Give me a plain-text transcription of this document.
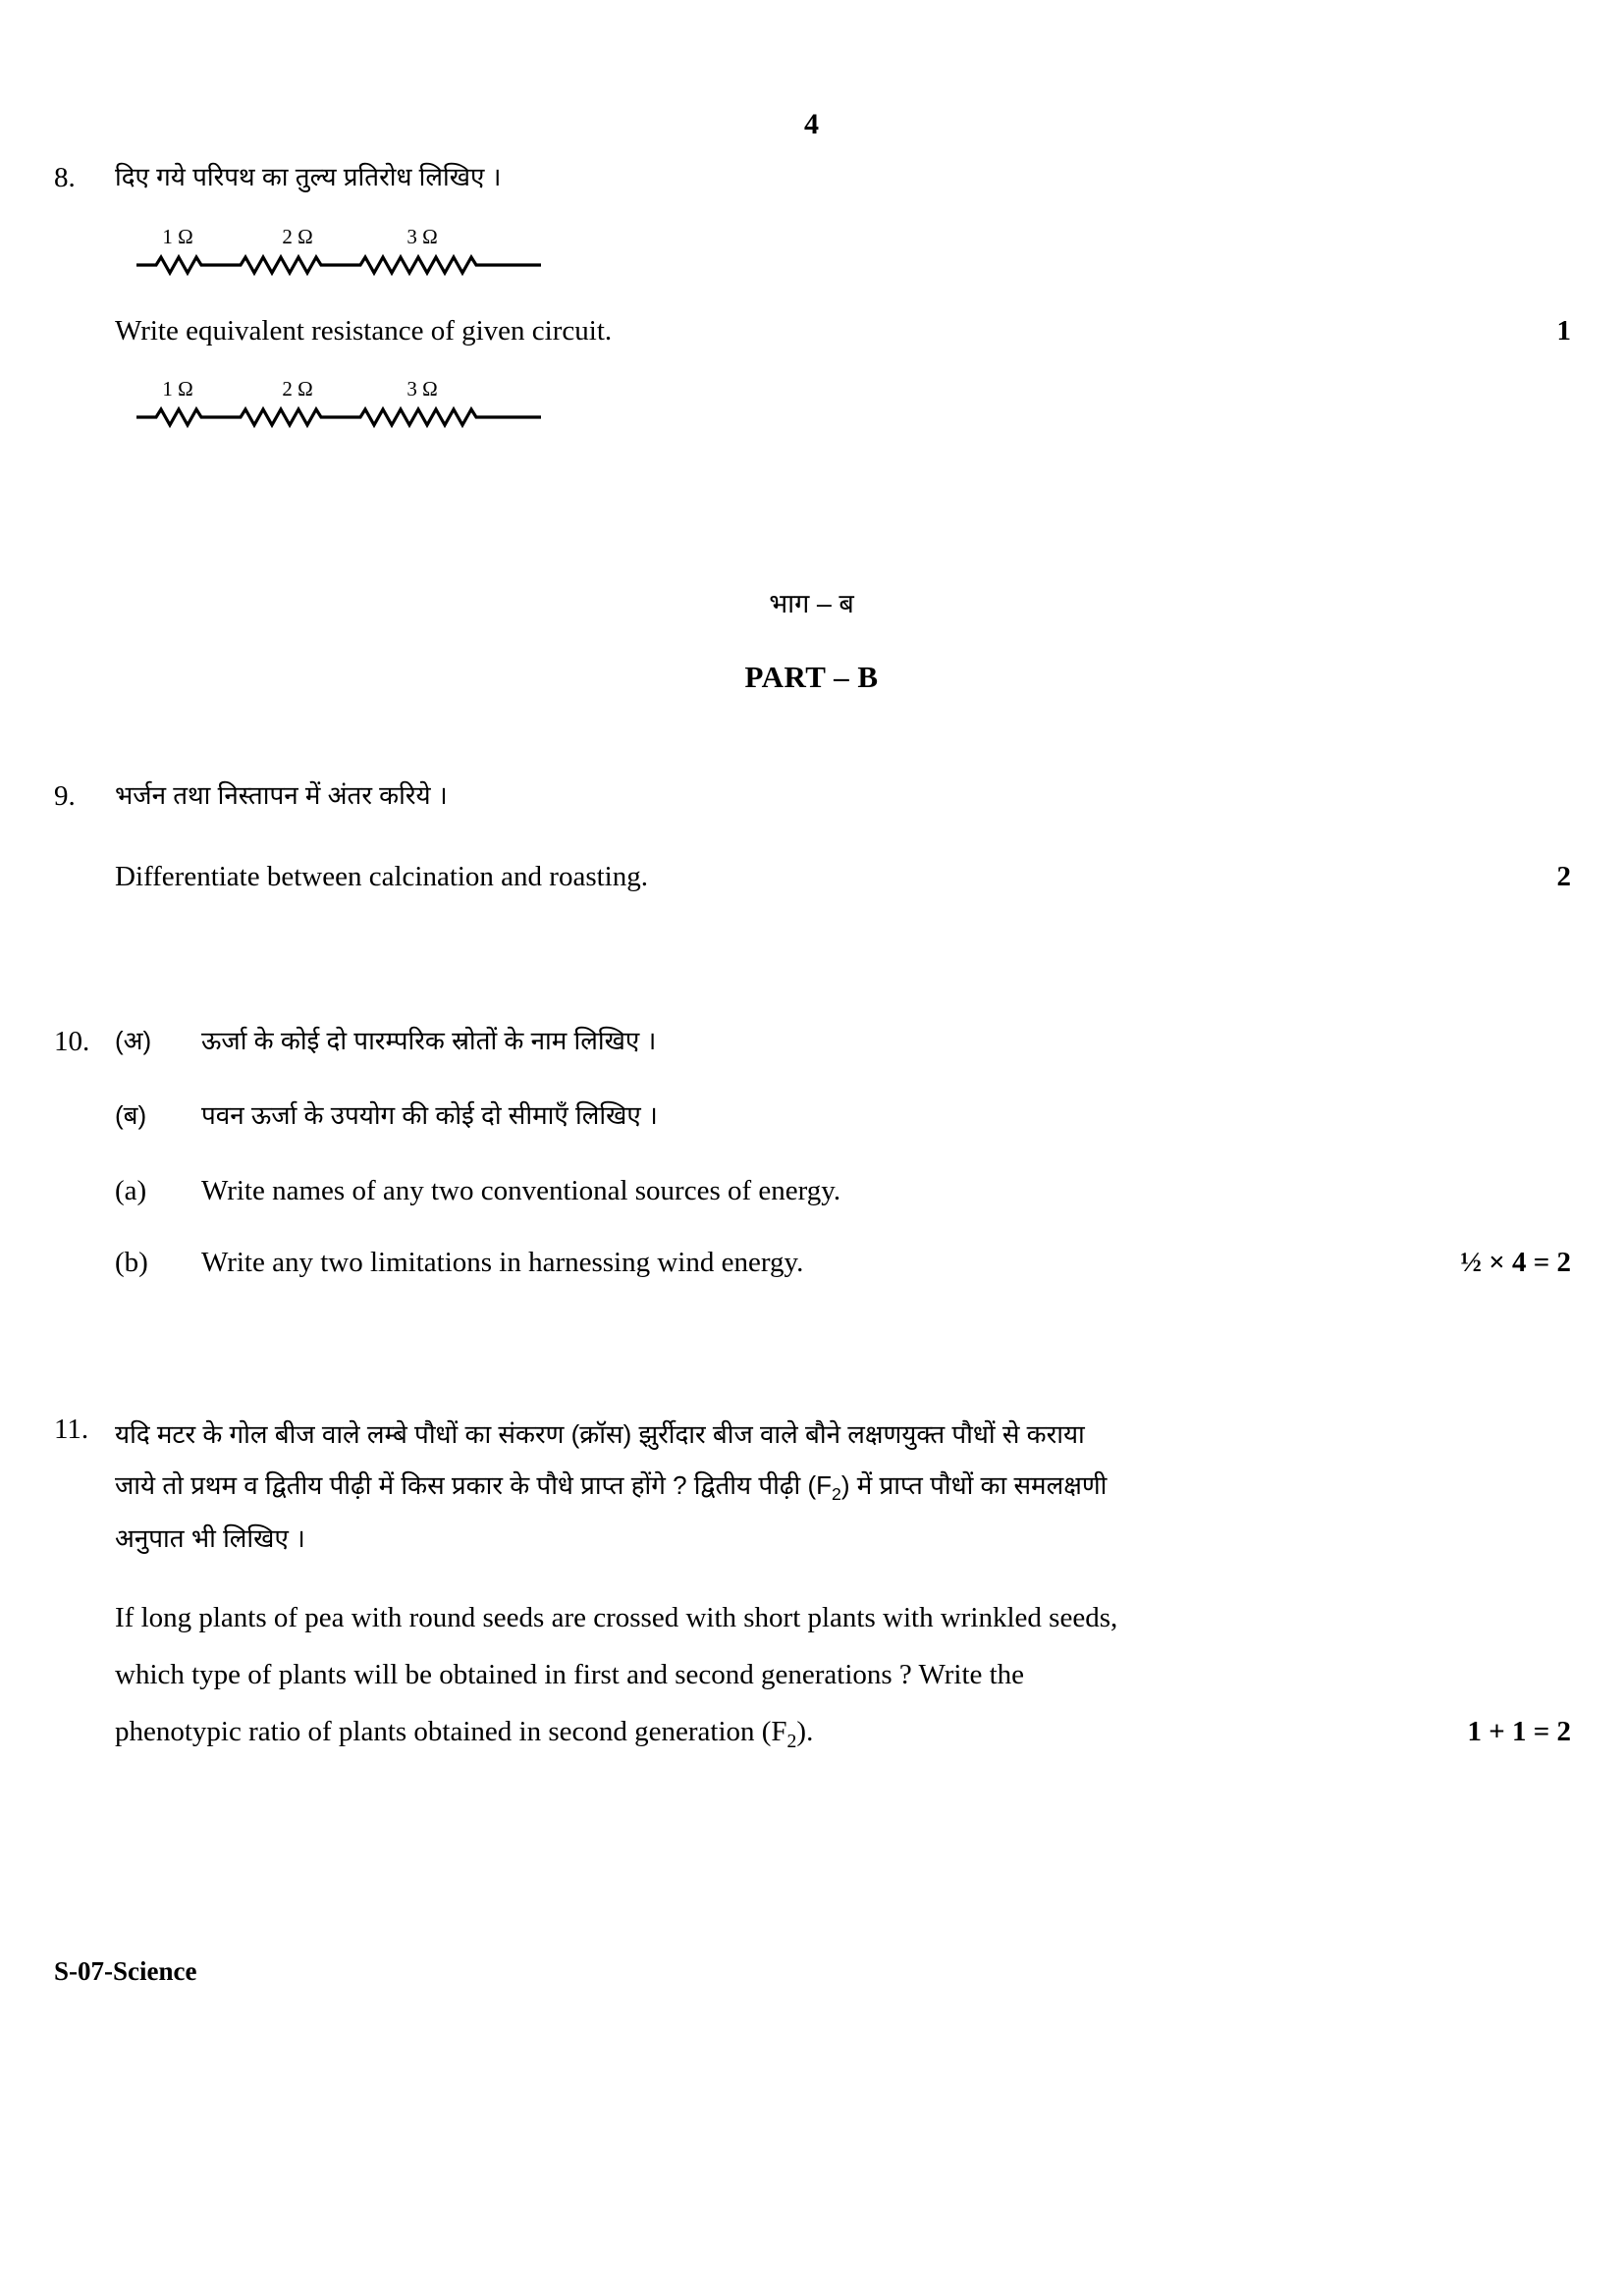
4
8.	दिए गये परिपथ का तुल्य प्रतिरोध लिखिए ।
1 Ω	2 Ω	3 Ω
Write equivalent resistance of given circuit.	1
1 Ω	2 Ω	3 Ω
भाग – ब
PART – B
9.	भर्जन तथा निस्तापन में अंतर करिये ।
Differentiate between calcination and roasting.	2
10. (अ)	ऊर्जा के कोई दो पारम्परिक स्रोतों के नाम लिखिए ।
(ब)	पवन ऊर्जा के उपयोग की कोई दो सीमाएँ लिखिए ।
(a)	Write names of any two conventional sources of energy.
(b)	Write any two limitations in harnessing wind energy.	½ × 4 = 2
11.	यदि मटर के गोल बीज वाले लम्बे पौधों का संकरण (क्रॉस) झुर्रीदार बीज वाले बौने लक्षणयुक्त पौधों से कराया
जाये तो प्रथम व द्वितीय पीढ़ी में किस प्रकार के पौधे प्राप्त होंगे ? द्वितीय पीढ़ी $(F_2)$ में प्राप्त पौधों का समलक्षणी
अनुपात भी लिखिए ।
If long plants of pea with round seeds are crossed with short plants with wrinkled seeds,
which type of plants will be obtained in first and second generations ? Write the
phenotypic ratio of plants obtained in second generation $(F_2)$.	1 + 1 = 2
S-07-Science
